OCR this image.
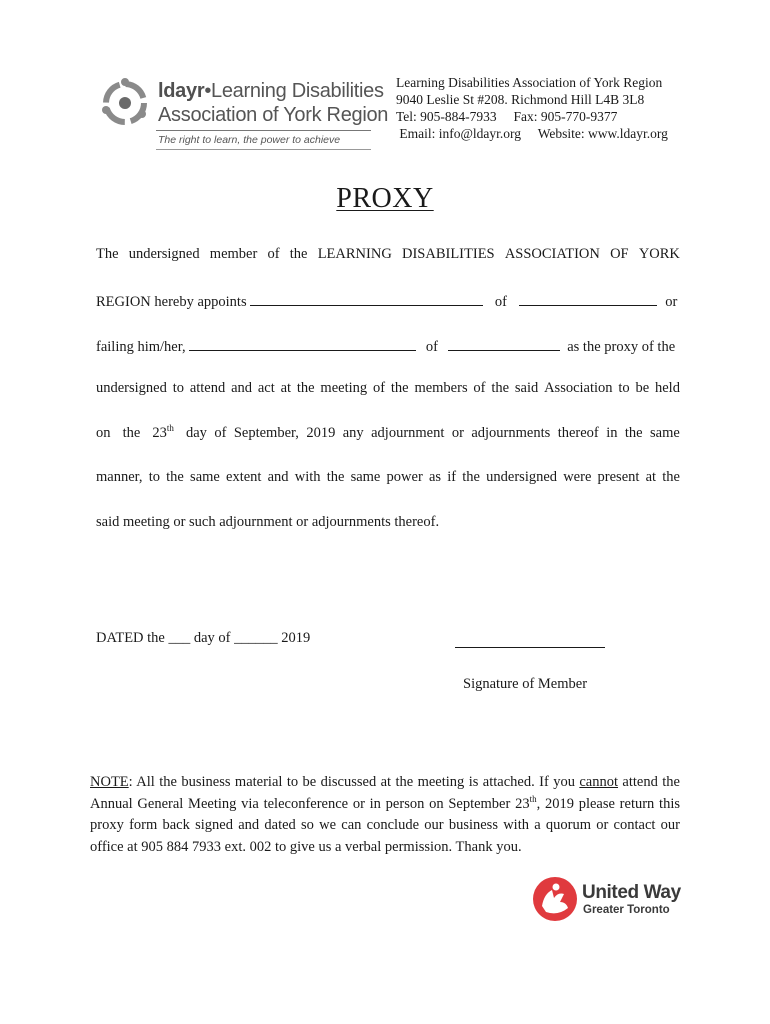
ldayr•Learning Disabilities
Association of York Region
The right to learn, the power to achieve
Learning Disabilities Association of York Region
9040 Leslie St #208. Richmond Hill L4B 3L8
Tel: 905-884-7933 Fax: 905-770-9377
Email: info@ldayr.org Website: www.ldayr.org
PROXY
The undersigned member of the LEARNING DISABILITIES ASSOCIATION OF YORK
REGION hereby appoints	of	or
failing him/her,	of	as the proxy of the
undersigned to attend and act at the meeting of the members of the said Association to be held
on the 23th day of September, 2019 any adjournment or adjournments thereof in the same
manner, to the same extent and with the same power as if the undersigned were present at the
said meeting or such adjournment or adjournments thereof.
DATED the ___ day of ______ 2019
Signature of Member
NOTE: All the business material to be discussed at the meeting is attached. If you cannot attend the Annual General Meeting via teleconference or in person on September 23th, 2019 please return this proxy form back signed and dated so we can conclude our business with a quorum or contact our office at 905 884 7933 ext. 002 to give us a verbal permission. Thank you.
United Way
Greater Toronto
